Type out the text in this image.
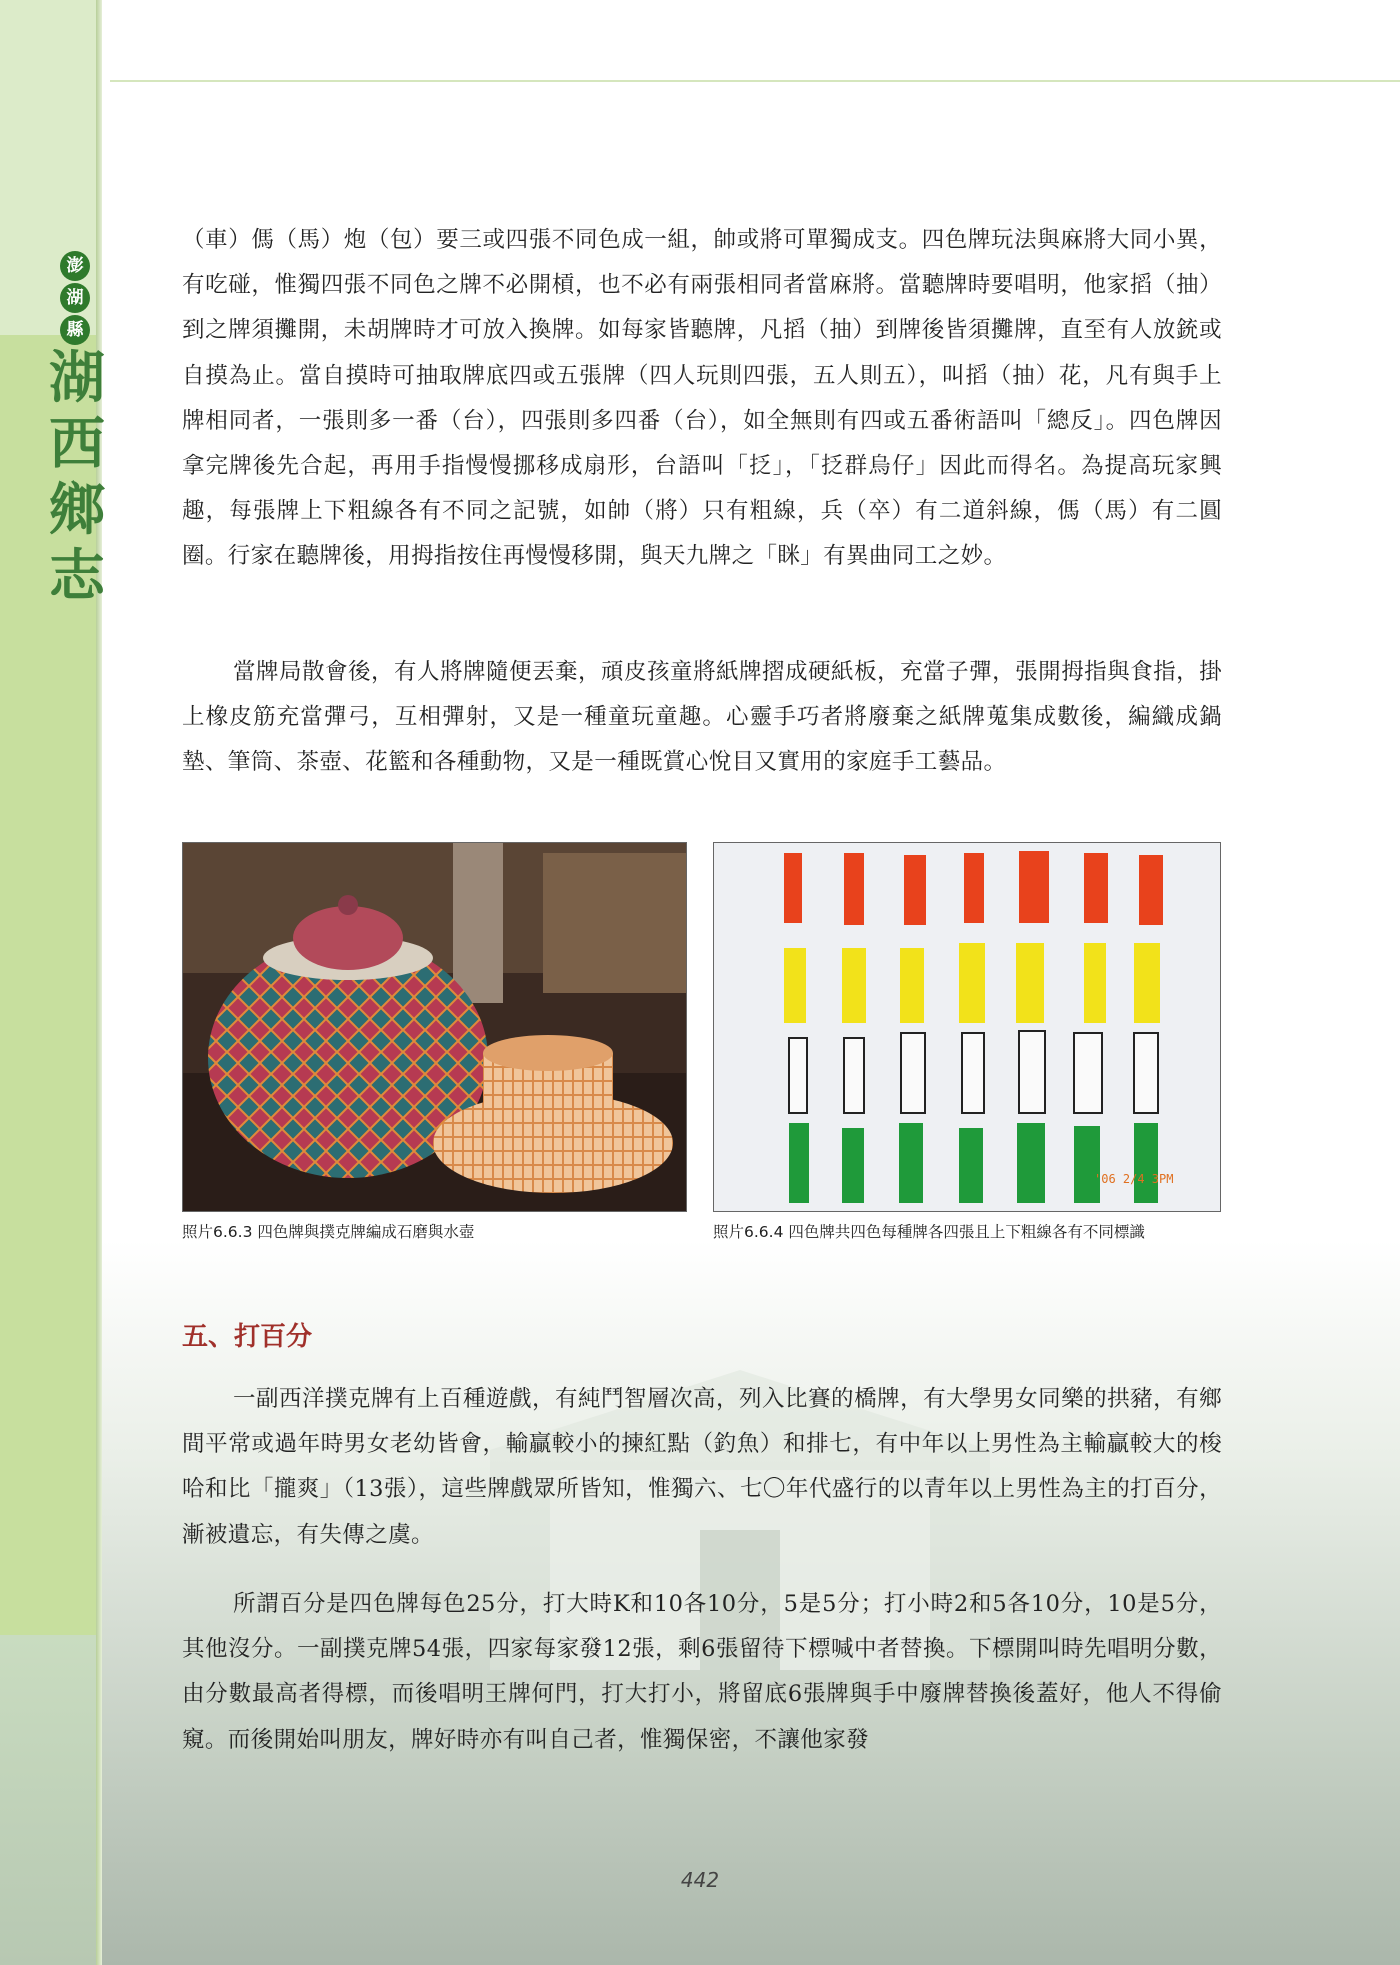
澎
湖
縣
湖
西
鄉
志

（車）傌（馬）炮（包）要三或四張不同色成一組，帥或將可單獨成支。四色牌玩法與麻將大同小異，有吃碰，惟獨四張不同色之牌不必開槓，也不必有兩張相同者當麻將。當聽牌時要唱明，他家搯（抽）到之牌須攤開，未胡牌時才可放入換牌。如每家皆聽牌，凡搯（抽）到牌後皆須攤牌，直至有人放銃或自摸為止。當自摸時可抽取牌底四或五張牌（四人玩則四張，五人則五），叫搯（抽）花，凡有與手上牌相同者，一張則多一番（台），四張則多四番（台），如全無則有四或五番術語叫「總反」。四色牌因拿完牌後先合起，再用手指慢慢挪移成扇形，台語叫「抸」，「抸群烏仔」因此而得名。為提高玩家興趣，每張牌上下粗線各有不同之記號，如帥（將）只有粗線，兵（卒）有二道斜線，傌（馬）有二圓圈。行家在聽牌後，用拇指按住再慢慢移開，與天九牌之「眯」有異曲同工之妙。

當牌局散會後，有人將牌隨便丟棄，頑皮孩童將紙牌摺成硬紙板，充當子彈，張開拇指與食指，掛上橡皮筋充當彈弓，互相彈射，又是一種童玩童趣。心靈手巧者將廢棄之紙牌蒐集成數後，編織成鍋墊、筆筒、茶壺、花籃和各種動物，又是一種既賞心悅目又實用的家庭手工藝品。

'06 2/4 3PM
照片6.6.3 四色牌與撲克牌編成石磨與水壺	照片6.6.4 四色牌共四色每種牌各四張且上下粗線各有不同標識
五、打百分

一副西洋撲克牌有上百種遊戲，有純鬥智層次高，列入比賽的橋牌，有大學男女同樂的拱豬，有鄉間平常或過年時男女老幼皆會，輸贏較小的揀紅點（釣魚）和排七，有中年以上男性為主輸贏較大的梭哈和比「攏爽」（13張），這些牌戲眾所皆知，惟獨六、七〇年代盛行的以青年以上男性為主的打百分，漸被遺忘，有失傳之虞。

所謂百分是四色牌每色25分，打大時K和10各10分，5是5分；打小時2和5各10分，10是5分，其他沒分。一副撲克牌54張，四家每家發12張，剩6張留待下標喊中者替換。下標開叫時先唱明分數，由分數最高者得標，而後唱明王牌何門，打大打小，將留底6張牌與手中廢牌替換後蓋好，他人不得偷窺。而後開始叫朋友，牌好時亦有叫自己者，惟獨保密，不讓他家發

442
